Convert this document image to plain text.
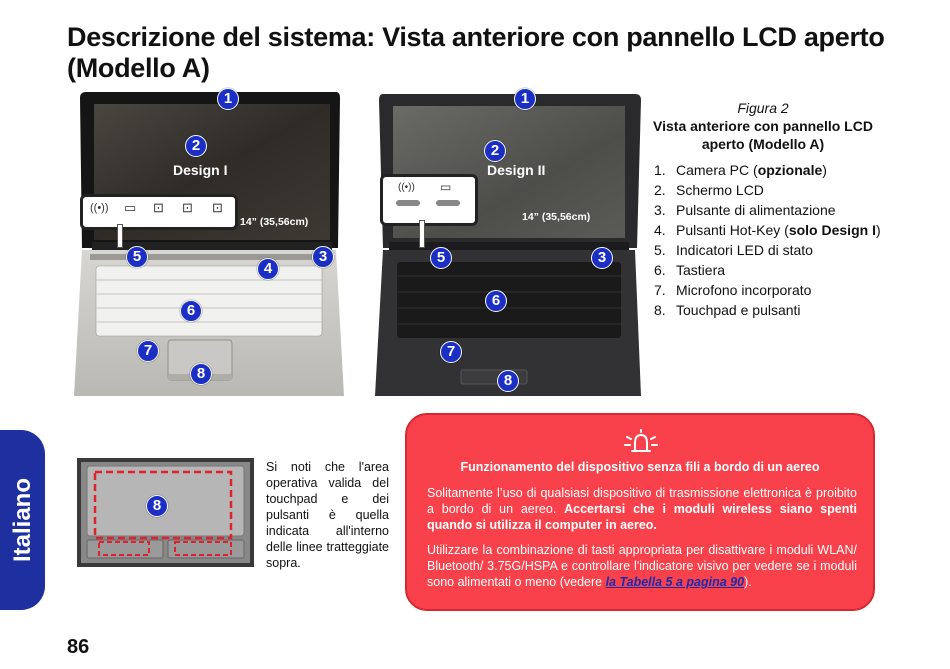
Descrizione del sistema: Vista anteriore con pannello LCD aperto (Modello A)
((•)) ▭ ⊡ ⊡ ⊡
((•)) ▭
Design I	Design II
14” (35,56cm)	14” (35,56cm)
1
2
3
4
5
6
7
8
1
2
3
5
6
7
8
Figura 2
Vista anteriore con pannello LCD aperto (Modello A)
1. Camera PC (opzionale)
2. Schermo LCD
3. Pulsante di alimentazione
4. Pulsanti Hot-Key (solo Design I)
5. Indicatori LED di stato
6. Tastiera
7. Microfono incorporato
8. Touchpad e pulsanti
Italiano	8
Si noti che l'area operativa valida del touchpad e dei pulsanti è quella indicata all'interno delle linee tratteggiate sopra.
Funzionamento del dispositivo senza fili a bordo di un aereo
Solitamente l’uso di qualsiasi dispositivo di trasmissione elettronica è proibito a bordo di un aereo. Accertarsi che i moduli wireless siano spenti quando si utilizza il computer in aereo.
Utilizzare la combinazione di tasti appropriata per disattivare i moduli WLAN/ Bluetooth/ 3.75G/HSPA e controllare l'indicatore visivo per vedere se i moduli sono alimentati o meno (vedere la Tabella 5 a pagina 90).
86
